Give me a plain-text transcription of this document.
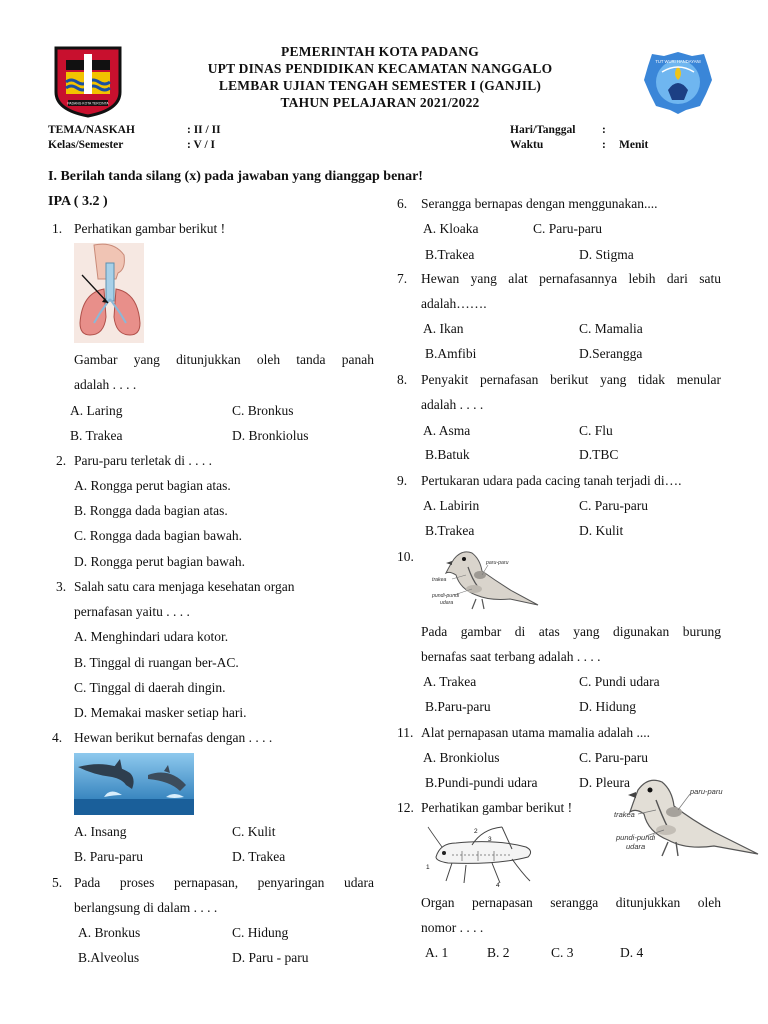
PADANG KOTA TERCINTA
PEMERINTAH KOTA PADANG
UPT DINAS PENDIDIKAN KECAMATAN NANGGALO
LEMBAR UJIAN TENGAH SEMESTER I (GANJIL)
TAHUN PELAJARAN 2021/2022
TUT WURI HANDAYANI
TEMA/NASKAH	: II / II
Kelas/Semester	: V / I
Hari/Tanggal :
Waktu	: Menit
I. Berilah tanda silang (x) pada jawaban yang dianggap benar!
IPA ( 3.2 )
1. Perhatikan gambar berikut !
Gambar yang ditunjukkan oleh tanda panah
adalah . . . .
A. Laring	C. Bronkus
B. Trakea	D. Bronkiolus
2. Paru-paru terletak di . . . .
A. Rongga perut bagian atas.
B. Rongga dada bagian atas.
C. Rongga dada bagian bawah.
D. Rongga perut bagian bawah.
3. Salah satu cara menjaga kesehatan organ
pernafasan yaitu . . . .
A. Menghindari udara kotor.
B. Tinggal di ruangan ber-AC.
C. Tinggal di daerah dingin.
D. Memakai masker setiap hari.
4. Hewan berikut bernafas dengan . . . .
A. Insang	C. Kulit
B. Paru-paru	D. Trakea
5. Pada proses pernapasan, penyaringan udara
berlangsung di dalam . . . .
A. Bronkus	C. Hidung
B.Alveolus	D. Paru - paru
6. Serangga bernapas dengan menggunakan....
A. Kloaka	C. Paru-paru
B.Trakea	D. Stigma
7. Hewan yang alat pernafasannya lebih dari satu
adalah…….
A. Ikan	C. Mamalia
B.Amfibi	D.Serangga
8. Penyakit pernafasan berikut yang tidak menular
adalah . . . .
A. Asma	C. Flu
B.Batuk	D.TBC
9. Pertukaran udara pada cacing tanah terjadi di….
A. Labirin	C. Paru-paru
B.Trakea	D. Kulit
10.	paru-paru
trakea
pundi-pundi
udara
Pada gambar di atas yang digunakan burung
bernafas saat terbang adalah . . . .
A. Trakea	C. Pundi udara
B.Paru-paru	D. Hidung
11. Alat pernapasan utama mamalia adalah ....
A. Bronkiolus	C. Paru-paru
B.Pundi-pundi udara	D. Pleura
paru-paru
trakea
pundi-pundi
udara
12. Perhatikan gambar berikut !
2
3
1
4
Organ pernapasan serangga ditunjukkan oleh
nomor . . . .
A. 1	B. 2	C. 3	D. 4
